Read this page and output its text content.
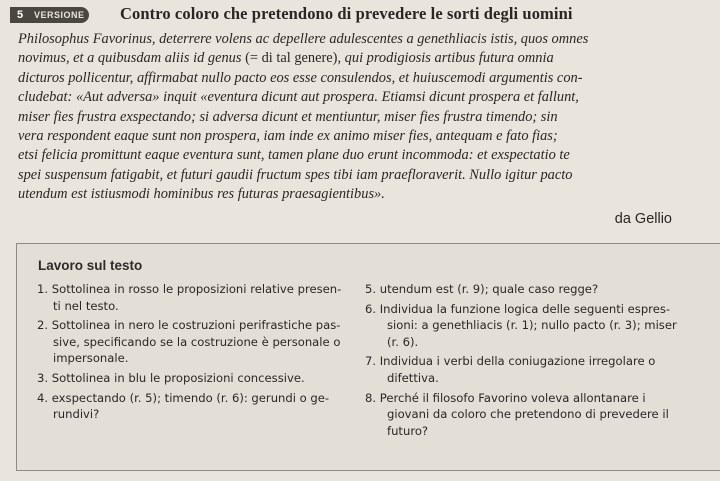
5	VERSIONE Contro coloro che pretendono di prevedere le sorti degli uomini
Philosophus Favorinus, deterrere volens ac depellere adulescentes a genethliacis istis, quos omnes
novimus, et a quibusdam aliis id genus (= di tal genere), qui prodigiosis artibus futura omnia
dicturos pollicentur, affirmabat nullo pacto eos esse consulendos, et huiuscemodi argumentis con-
cludebat: «Aut adversa» inquit «eventura dicunt aut prospera. Etiamsi dicunt prospera et fallunt,
miser fies frustra exspectando; si adversa dicunt et mentiuntur, miser fies frustra timendo; sin
vera respondent eaque sunt non prospera, iam inde ex animo miser fies, antequam e fato fias;
etsi felicia promittunt eaque eventura sunt, tamen plane duo erunt incommoda: et exspectatio te
spei suspensum fatigabit, et futuri gaudii fructum spes tibi iam praefloraverit. Nullo igitur pacto
utendum est istiusmodi hominibus res futuras praesagientibus».
da Gellio
Lavoro sul testo
1. Sottolinea in rosso le proposizioni relative presen-
ti nel testo.
2. Sottolinea in nero le costruzioni perifrastiche pas-
sive, specificando se la costruzione è personale o
impersonale.
3. Sottolinea in blu le proposizioni concessive.
4. exspectando (r. 5); timendo (r. 6): gerundi o ge-
rundivi?
5. utendum est (r. 9); quale caso regge?
6. Individua la funzione logica delle seguenti espres-
sioni: a genethliacis (r. 1); nullo pacto (r. 3); miser
(r. 6).
7. Individua i verbi della coniugazione irregolare o
difettiva.
8. Perché il filosofo Favorino voleva allontanare i
giovani da coloro che pretendono di prevedere il
futuro?
